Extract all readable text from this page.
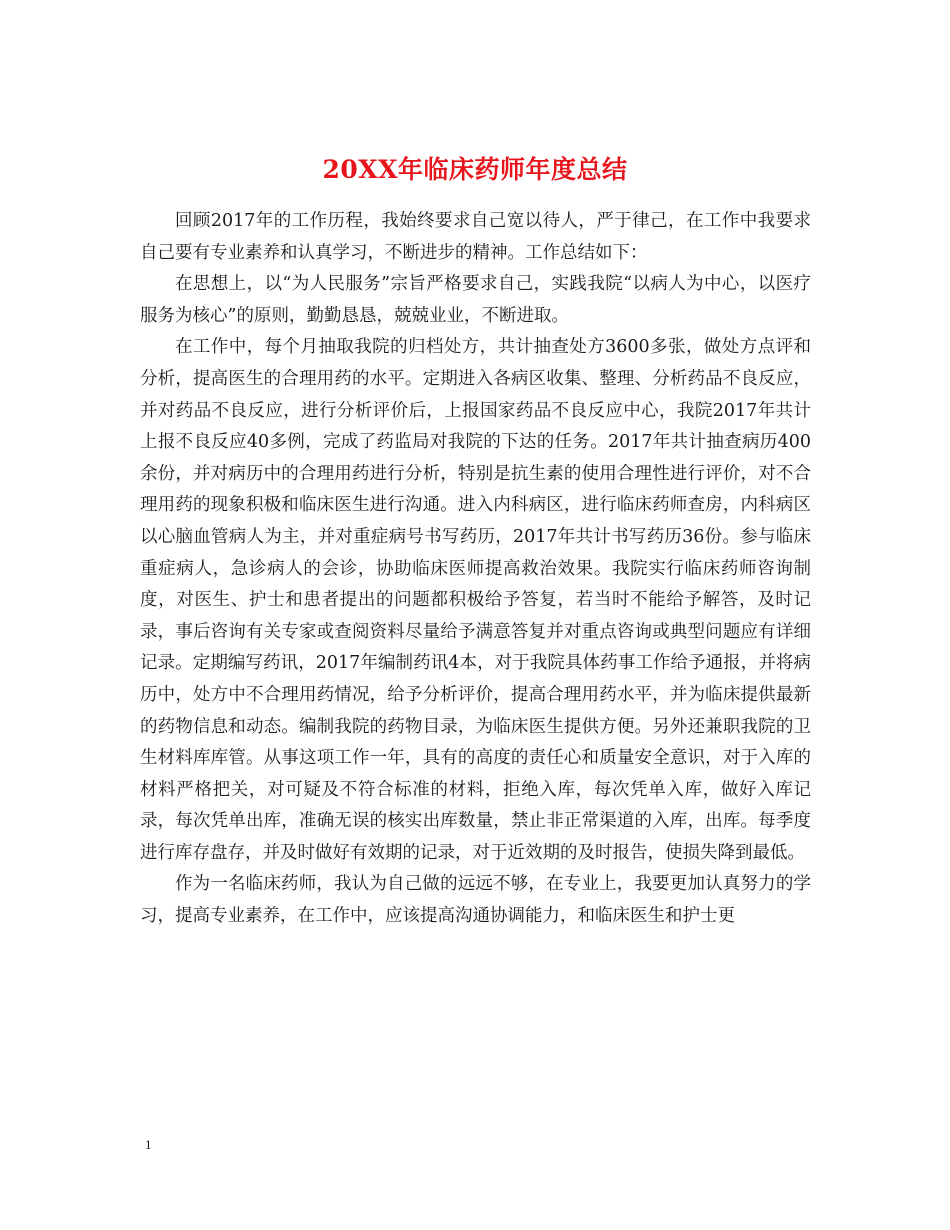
20XX年临床药师年度总结

回顾2017年的工作历程，我始终要求自己宽以待人，严于律己，在工作中我要求自己要有专业素养和认真学习，不断进步的精神。工作总结如下：

在思想上，以“为人民服务”宗旨严格要求自己，实践我院“以病人为中心，以医疗服务为核心”的原则，勤勤恳恳，兢兢业业，不断进取。

在工作中，每个月抽取我院的归档处方，共计抽查处方3600多张，做处方点评和分析，提高医生的合理用药的水平。定期进入各病区收集、整理、分析药品不良反应，并对药品不良反应，进行分析评价后，上报国家药品不良反应中心，我院2017年共计上报不良反应40多例，完成了药监局对我院的下达的任务。2017年共计抽查病历400余份，并对病历中的合理用药进行分析，特别是抗生素的使用合理性进行评价，对不合理用药的现象积极和临床医生进行沟通。进入内科病区，进行临床药师查房，内科病区以心脑血管病人为主，并对重症病号书写药历，2017年共计书写药历36份。参与临床重症病人，急诊病人的会诊，协助临床医师提高救治效果。我院实行临床药师咨询制度，对医生、护士和患者提出的问题都积极给予答复，若当时不能给予解答，及时记录，事后咨询有关专家或查阅资料尽量给予满意答复并对重点咨询或典型问题应有详细记录。定期编写药讯，2017年编制药讯4本，对于我院具体药事工作给予通报，并将病历中，处方中不合理用药情况，给予分析评价，提高合理用药水平，并为临床提供最新的药物信息和动态。编制我院的药物目录，为临床医生提供方便。另外还兼职我院的卫生材料库库管。从事这项工作一年，具有的高度的责任心和质量安全意识，对于入库的材料严格把关，对可疑及不符合标准的材料，拒绝入库，每次凭单入库，做好入库记录，每次凭单出库，准确无误的核实出库数量，禁止非正常渠道的入库，出库。每季度进行库存盘存，并及时做好有效期的记录，对于近效期的及时报告，使损失降到最低。

作为一名临床药师，我认为自己做的远远不够，在专业上，我要更加认真努力的学习，提高专业素养，在工作中，应该提高沟通协调能力，和临床医生和护士更

1
